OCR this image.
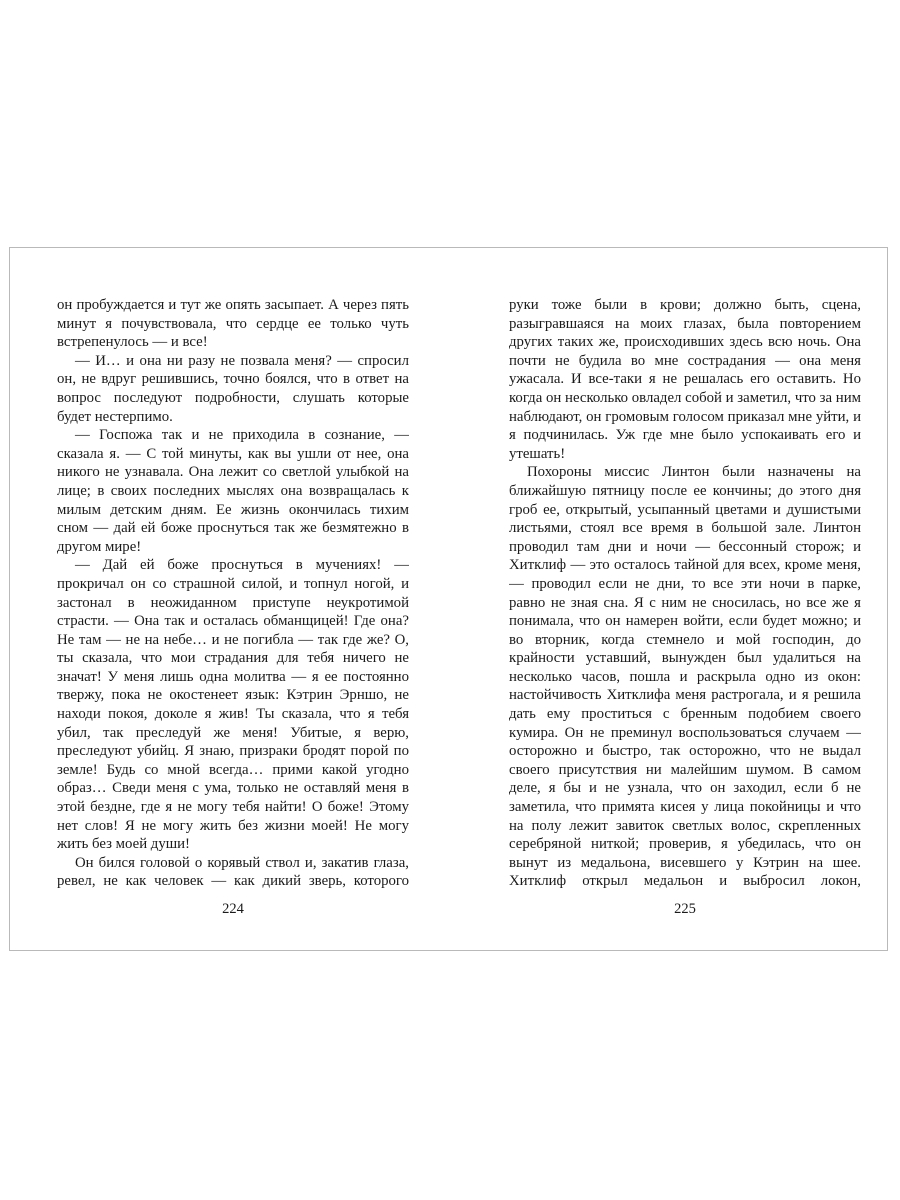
он пробуждается и тут же опять засыпает. А через пять минут я почувствовала, что сердце ее только чуть встрепенулось — и все!

— И… и она ни разу не позвала меня? — спросил он, не вдруг решившись, точно боялся, что в ответ на вопрос последуют подробности, слушать которые будет нестерпимо.

— Госпожа так и не приходила в сознание, — сказала я. — С той минуты, как вы ушли от нее, она никого не узнавала. Она лежит со светлой улыбкой на лице; в своих последних мыслях она возвращалась к милым детским дням. Ее жизнь окончилась тихим сном — дай ей боже проснуться так же безмятежно в другом мире!

— Дай ей боже проснуться в мучениях! — прокричал он со страшной силой, и топнул ногой, и застонал в неожиданном приступе неукротимой страсти. — Она так и осталась обманщицей! Где она? Не там — не на небе… и не погибла — так где же? О, ты сказала, что мои страдания для тебя ничего не значат! У меня лишь одна молитва — я ее постоянно твержу, пока не окостенеет язык: Кэтрин Эрншо, не находи покоя, доколе я жив! Ты сказала, что я тебя убил, так преследуй же меня! Убитые, я верю, преследуют убийц. Я знаю, призраки бродят порой по земле! Будь со мной всегда… прими какой угодно образ… Сведи меня с ума, только не оставляй меня в этой бездне, где я не могу тебя найти! О боже! Этому нет слов! Я не могу жить без жизни моей! Не могу жить без моей души!

Он бился головой о корявый ствол и, закатив глаза, ревел, не как человек — как дикий зверь, которого

224

руки тоже были в крови; должно быть, сцена, разыгравшаяся на моих глазах, была повторением других таких же, происходивших здесь всю ночь. Она почти не будила во мне сострадания — она меня ужасала. И все-таки я не решалась его оставить. Но когда он несколько овладел собой и заметил, что за ним наблюдают, он громовым голосом приказал мне уйти, и я подчинилась. Уж где мне было успокаивать его и утешать!

Похороны миссис Линтон были назначены на ближайшую пятницу после ее кончины; до этого дня гроб ее, открытый, усыпанный цветами и душистыми листьями, стоял все время в большой зале. Линтон проводил там дни и ночи — бессонный сторож; и Хитклиф — это осталось тайной для всех, кроме меня, — проводил если не дни, то все эти ночи в парке, равно не зная сна. Я с ним не сносилась, но все же я понимала, что он намерен войти, если будет можно; и во вторник, когда стемнело и мой господин, до крайности уставший, вынужден был удалиться на несколько часов, пошла и раскрыла одно из окон: настойчивость Хитклифа меня растрогала, и я решила дать ему проститься с бренным подобием своего кумира. Он не преминул воспользоваться случаем — осторожно и быстро, так осторожно, что не выдал своего присутствия ни малейшим шумом. В самом деле, я бы и не узнала, что он заходил, если б не заметила, что примята кисея у лица покойницы и что на полу лежит завиток светлых волос, скрепленных серебряной ниткой; проверив, я убедилась, что он вынут из медальона, висевшего у Кэтрин на шее. Хитклиф открыл медальон и выбросил локон,

225
